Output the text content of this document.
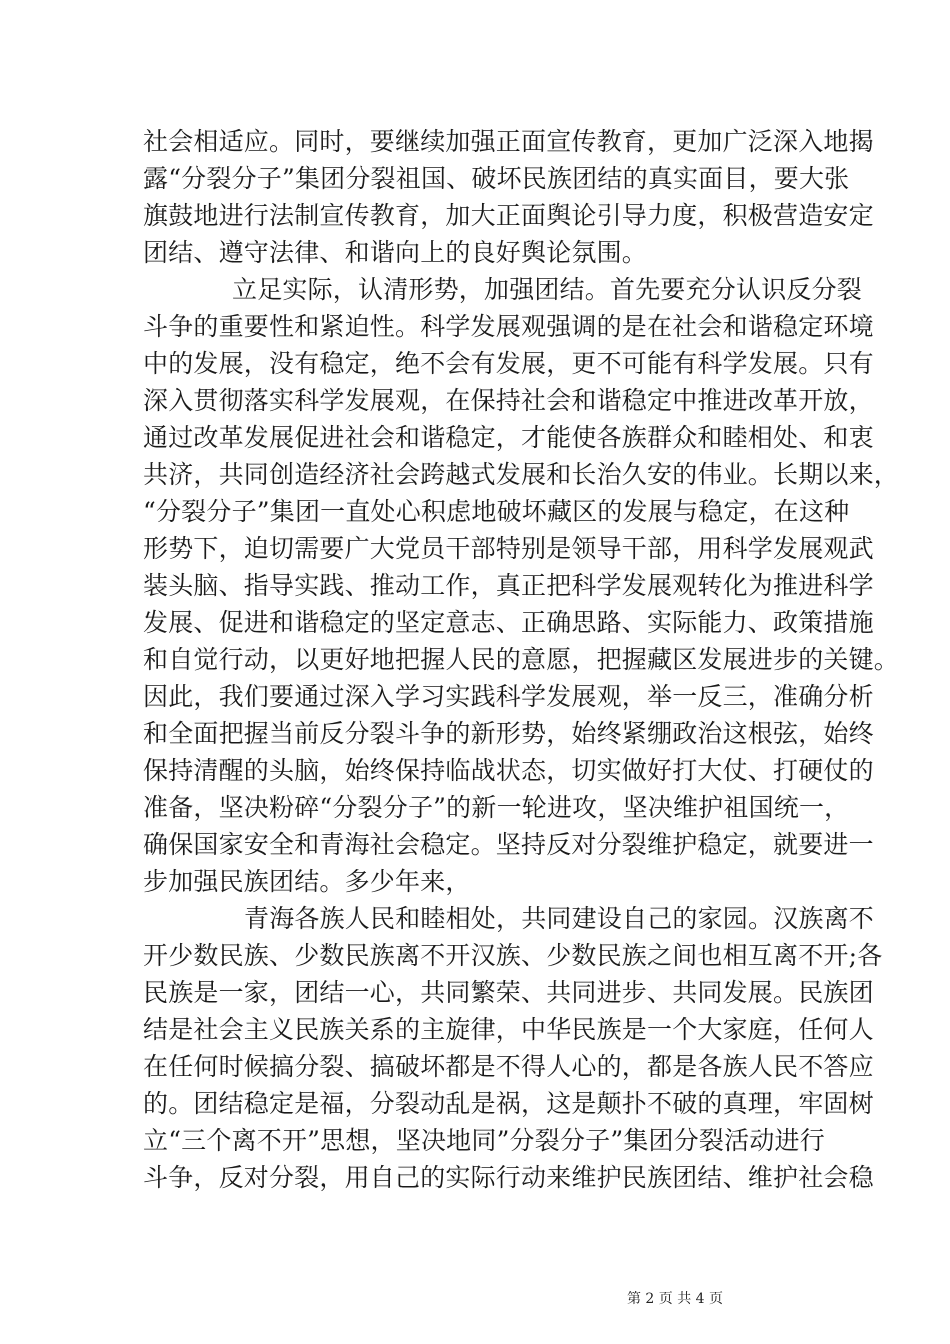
社会相适应。同时，要继续加强正面宣传教育，更加广泛深入地揭
露“分裂分子”集团分裂祖国、破坏民族团结的真实面目，要大张
旗鼓地进行法制宣传教育，加大正面舆论引导力度，积极营造安定
团结、遵守法律、和谐向上的良好舆论氛围。
立足实际，认清形势，加强团结。首先要充分认识反分裂
斗争的重要性和紧迫性。科学发展观强调的是在社会和谐稳定环境
中的发展，没有稳定，绝不会有发展，更不可能有科学发展。只有
深入贯彻落实科学发展观，在保持社会和谐稳定中推进改革开放，
通过改革发展促进社会和谐稳定，才能使各族群众和睦相处、和衷
共济，共同创造经济社会跨越式发展和长治久安的伟业。长期以来，
“分裂分子”集团一直处心积虑地破坏藏区的发展与稳定，在这种
形势下，迫切需要广大党员干部特别是领导干部，用科学发展观武
装头脑、指导实践、推动工作，真正把科学发展观转化为推进科学
发展、促进和谐稳定的坚定意志、正确思路、实际能力、政策措施
和自觉行动，以更好地把握人民的意愿，把握藏区发展进步的关键。
因此，我们要通过深入学习实践科学发展观，举一反三，准确分析
和全面把握当前反分裂斗争的新形势，始终紧绷政治这根弦，始终
保持清醒的头脑，始终保持临战状态，切实做好打大仗、打硬仗的
准备，坚决粉碎“分裂分子”的新一轮进攻，坚决维护祖国统一，
确保国家安全和青海社会稳定。坚持反对分裂维护稳定，就要进一
步加强民族团结。多少年来，
青海各族人民和睦相处，共同建设自己的家园。汉族离不
开少数民族、少数民族离不开汉族、少数民族之间也相互离不开;各
民族是一家，团结一心，共同繁荣、共同进步、共同发展。民族团
结是社会主义民族关系的主旋律，中华民族是一个大家庭，任何人
在任何时候搞分裂、搞破坏都是不得人心的，都是各族人民不答应
的。团结稳定是福，分裂动乱是祸，这是颠扑不破的真理，牢固树
立“三个离不开”思想，坚决地同”分裂分子”集团分裂活动进行
斗争，反对分裂，用自己的实际行动来维护民族团结、维护社会稳
第 2 页 共 4 页
